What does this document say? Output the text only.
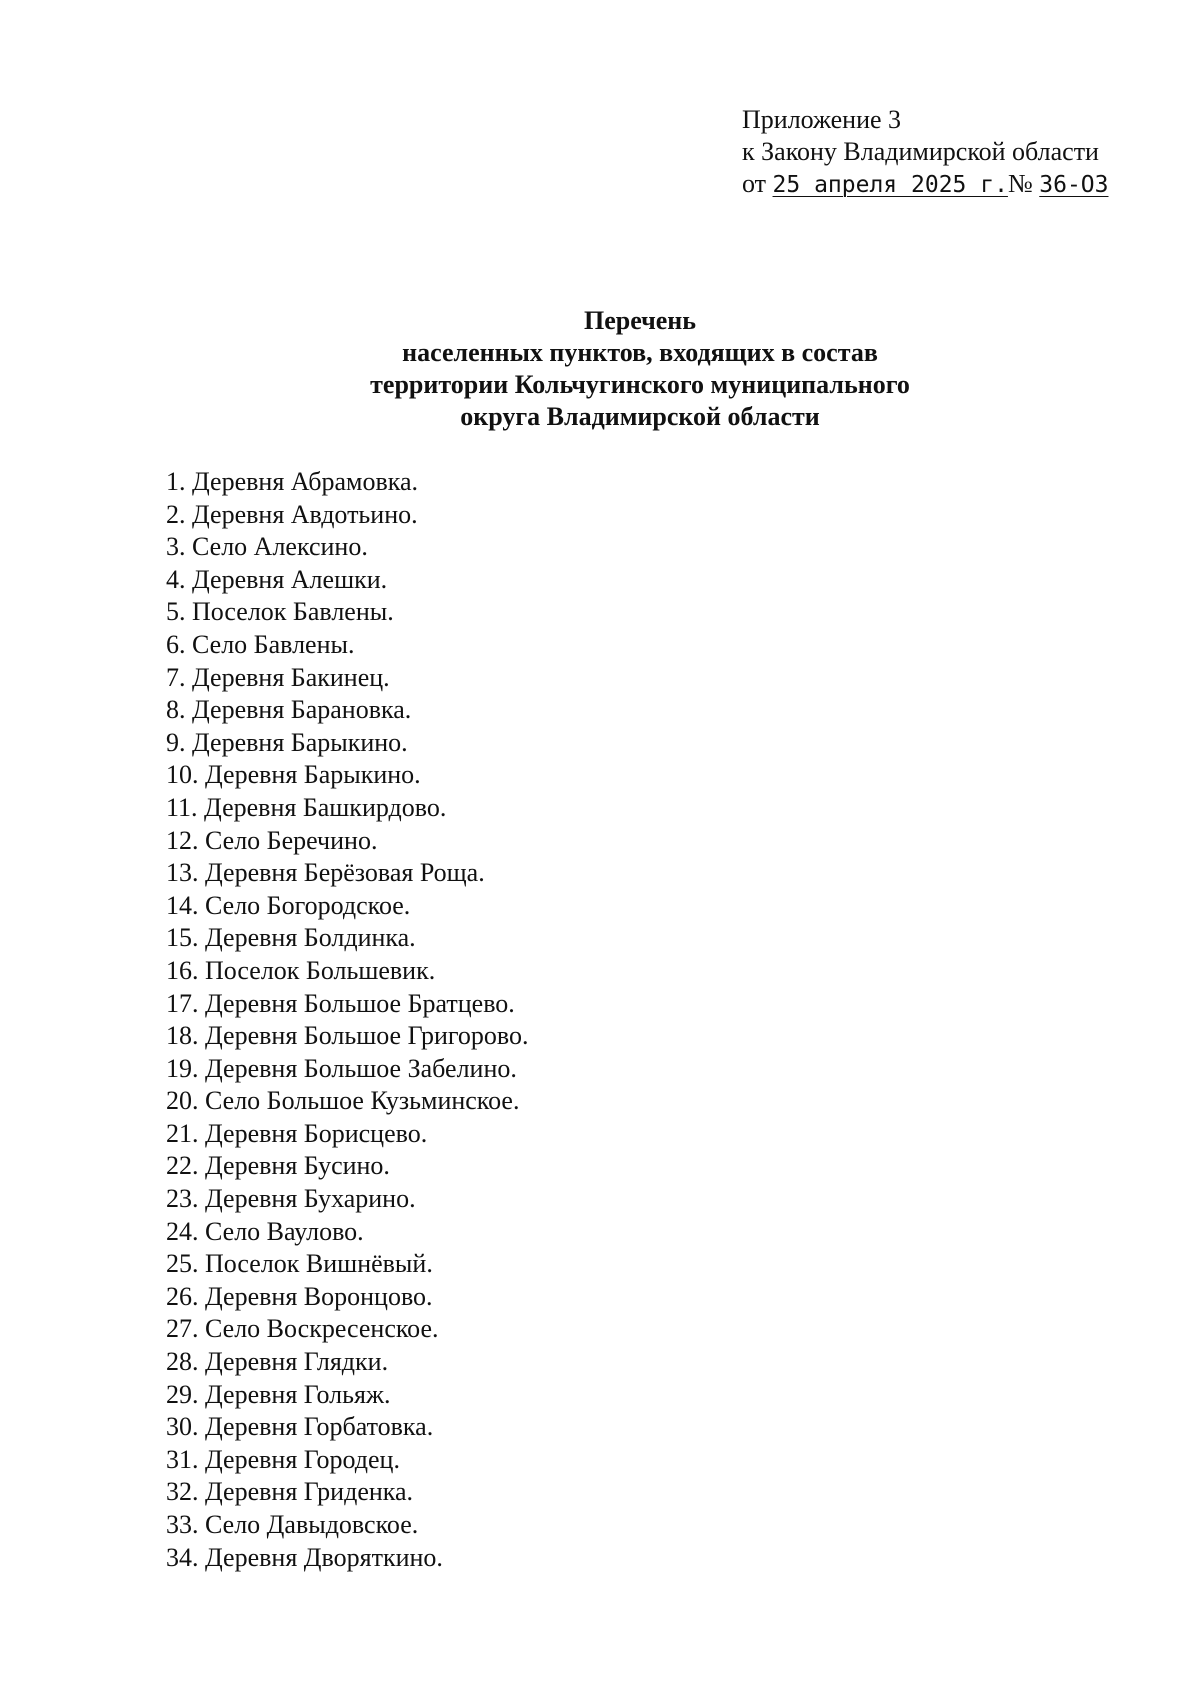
Приложение 3
к Закону Владимирской области
от 25 апреля 2025 г.№ 36-ОЗ
Перечень
населенных пунктов, входящих в состав
территории Кольчугинского муниципального
округа Владимирской области
1. Деревня Абрамовка.
2. Деревня Авдотьино.
3. Село Алексино.
4. Деревня Алешки.
5. Поселок Бавлены.
6. Село Бавлены.
7. Деревня Бакинец.
8. Деревня Барановка.
9. Деревня Барыкино.
10. Деревня Барыкино.
11. Деревня Башкирдово.
12. Село Беречино.
13. Деревня Берёзовая Роща.
14. Село Богородское.
15. Деревня Болдинка.
16. Поселок Большевик.
17. Деревня Большое Братцево.
18. Деревня Большое Григорово.
19. Деревня Большое Забелино.
20. Село Большое Кузьминское.
21. Деревня Борисцево.
22. Деревня Бусино.
23. Деревня Бухарино.
24. Село Ваулово.
25. Поселок Вишнёвый.
26. Деревня Воронцово.
27. Село Воскресенское.
28. Деревня Глядки.
29. Деревня Гольяж.
30. Деревня Горбатовка.
31. Деревня Городец.
32. Деревня Гриденка.
33. Село Давыдовское.
34. Деревня Дворяткино.
